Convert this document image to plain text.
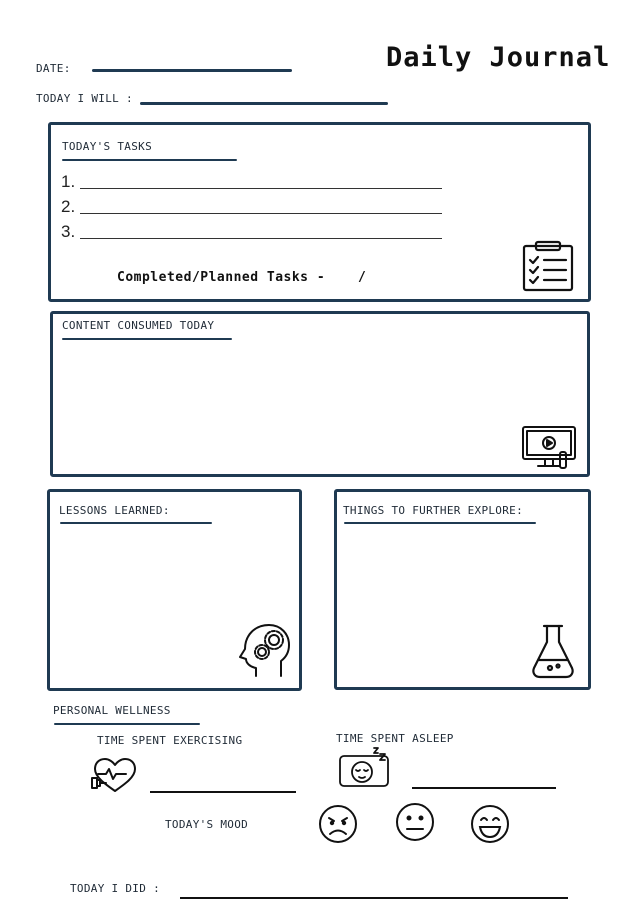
DATE:	Daily Journal
TODAY I WILL :
TODAY'S TASKS
1.
2.
3.
Completed/Planned Tasks -	/
CONTENT CONSUMED TODAY
LESSONS LEARNED:	THINGS TO FURTHER EXPLORE:
PERSONAL WELLNESS
TIME SPENT EXERCISING	TIME SPENT ASLEEP
TODAY'S MOOD
TODAY I DID :
